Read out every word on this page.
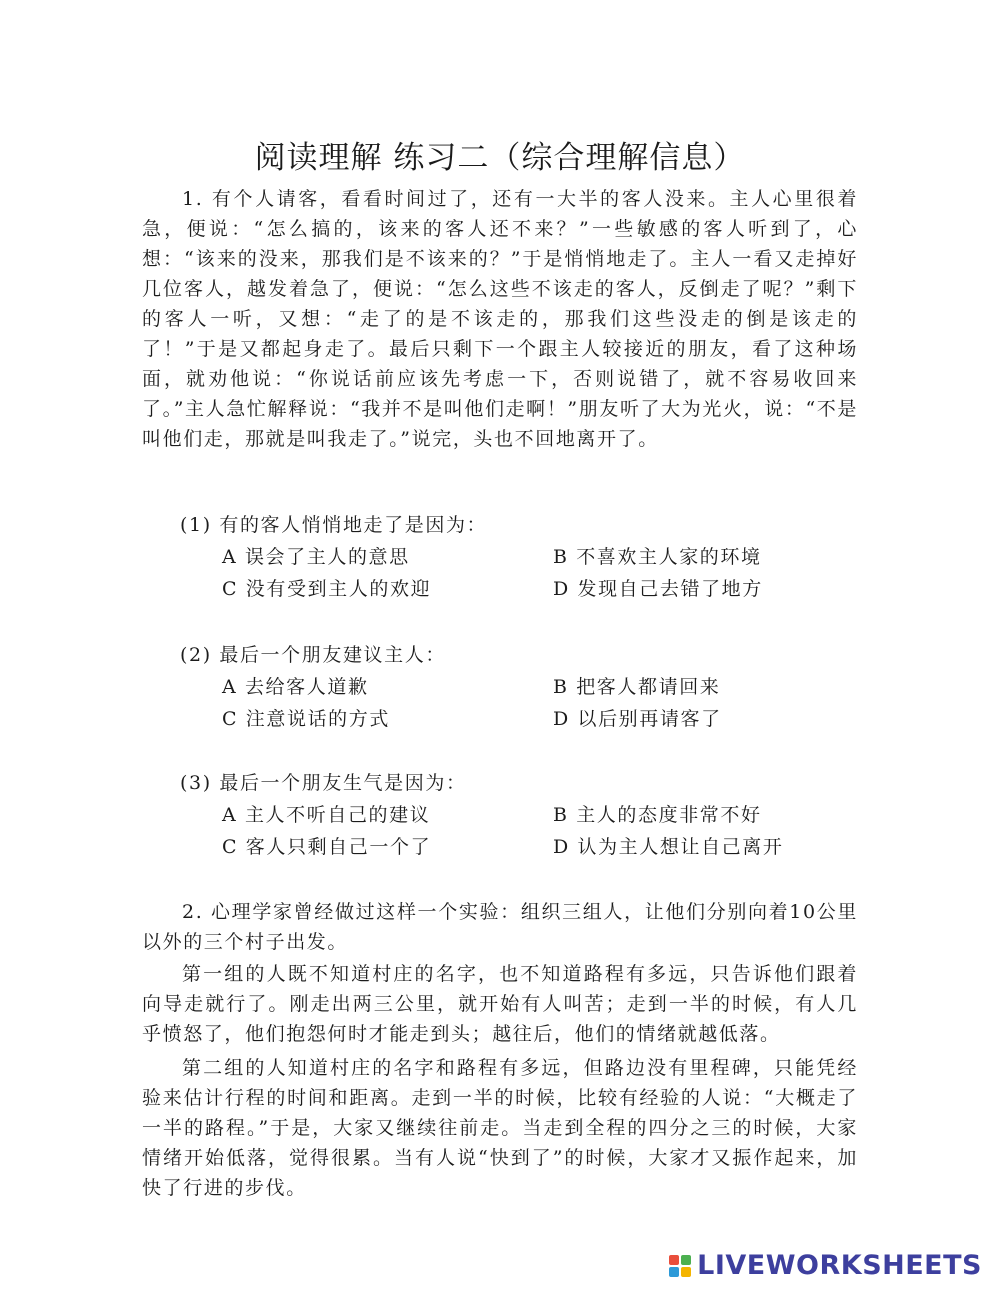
阅读理解 练习二（综合理解信息）

1. 有个人请客，看看时间过了，还有一大半的客人没来。主人心里很着急，便说：“怎么搞的，该来的客人还不来？”一些敏感的客人听到了，心想：“该来的没来，那我们是不该来的？”于是悄悄地走了。主人一看又走掉好几位客人，越发着急了，便说：“怎么这些不该走的客人，反倒走了呢？”剩下的客人一听，又想：“走了的是不该走的，那我们这些没走的倒是该走的了！”于是又都起身走了。最后只剩下一个跟主人较接近的朋友，看了这种场面，就劝他说：“你说话前应该先考虑一下，否则说错了，就不容易收回来了。”主人急忙解释说：“我并不是叫他们走啊！”朋友听了大为光火，说：“不是叫他们走，那就是叫我走了。”说完，头也不回地离开了。

(1) 有的客人悄悄地走了是因为：
A 误会了主人的意思	B 不喜欢主人家的环境
C 没有受到主人的欢迎	D 发现自己去错了地方
(2) 最后一个朋友建议主人：
A 去给客人道歉	B 把客人都请回来
C 注意说话的方式	D 以后别再请客了
(3) 最后一个朋友生气是因为：
A 主人不听自己的建议	B 主人的态度非常不好
C 客人只剩自己一个了	D 认为主人想让自己离开

2. 心理学家曾经做过这样一个实验：组织三组人，让他们分别向着10公里以外的三个村子出发。

第一组的人既不知道村庄的名字，也不知道路程有多远，只告诉他们跟着向导走就行了。刚走出两三公里，就开始有人叫苦；走到一半的时候，有人几乎愤怒了，他们抱怨何时才能走到头；越往后，他们的情绪就越低落。

第二组的人知道村庄的名字和路程有多远，但路边没有里程碑，只能凭经验来估计行程的时间和距离。走到一半的时候，比较有经验的人说：“大概走了一半的路程。”于是，大家又继续往前走。当走到全程的四分之三的时候，大家情绪开始低落，觉得很累。当有人说“快到了”的时候，大家才又振作起来，加快了行进的步伐。

LIVEWORKSHEETS
